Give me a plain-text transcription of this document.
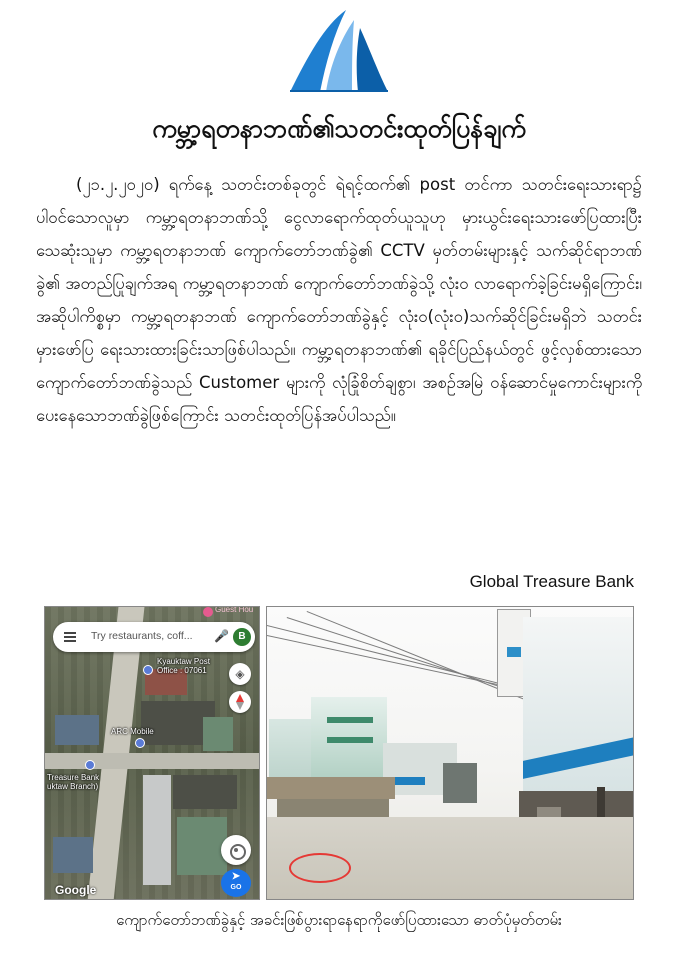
ကမ္ဘာ့ရတနာဘဏ်၏သတင်းထုတ်ပြန်ချက်

(၂၁.၂.၂၀၂၀) ရက်နေ့ သတင်းတစ်ခုတွင် ရဲရင့်ထက်၏ post တင်ကာ သတင်းရေးသားရာ၌ ပါဝင်သောလူမှာ ကမ္ဘာ့ရတနာဘဏ်သို့ ငွေလာရောက်ထုတ်ယူသူဟု မှားယွင်းရေးသားဖော်ပြထားပြီး သေဆုံးသူမှာ ကမ္ဘာ့ရတနာဘဏ် ကျောက်တော်ဘဏ်ခွဲ၏ CCTV မှတ်တမ်းများနှင့် သက်ဆိုင်ရာဘဏ်ခွဲ၏ အတည်ပြုချက်အရ ကမ္ဘာ့ရတနာဘဏ် ကျောက်တော်ဘဏ်ခွဲသို့ လုံးဝ လာရောက်ခဲ့ခြင်းမရှိကြောင်း၊ အဆိုပါကိစ္စမှာ ကမ္ဘာ့ရတနာဘဏ် ကျောက်တော်ဘဏ်ခွဲနှင့် လုံးဝ(လုံးဝ)သက်ဆိုင်ခြင်းမရှိဘဲ သတင်းမှားဖော်ပြ ရေးသားထားခြင်းသာဖြစ်ပါသည်။ ကမ္ဘာ့ရတနာဘဏ်၏ ရခိုင်ပြည်နယ်တွင် ဖွင့်လှစ်ထားသော ကျောက်တော်ဘဏ်ခွဲသည် Customer များကို လုံခြုံစိတ်ချစွာ၊ အစဉ်အမြဲ ဝန်ဆောင်မှုကောင်းများကို ပေးနေသောဘဏ်ခွဲဖြစ်ကြောင်း သတင်းထုတ်ပြန်အပ်ပါသည်။

Global Treasure Bank
Guest Hou
Try restaurants, coff... 🎤 B
◈
Kyauktaw Post
Office : 07061
ARC Mobile
Treasure Bank
uktaw Branch)
➤
GO
Google
ကျောက်တော်ဘဏ်ခွဲနှင့် အခင်းဖြစ်ပွားရာနေရာကိုဖော်ပြထားသော ဓာတ်ပုံမှတ်တမ်း
